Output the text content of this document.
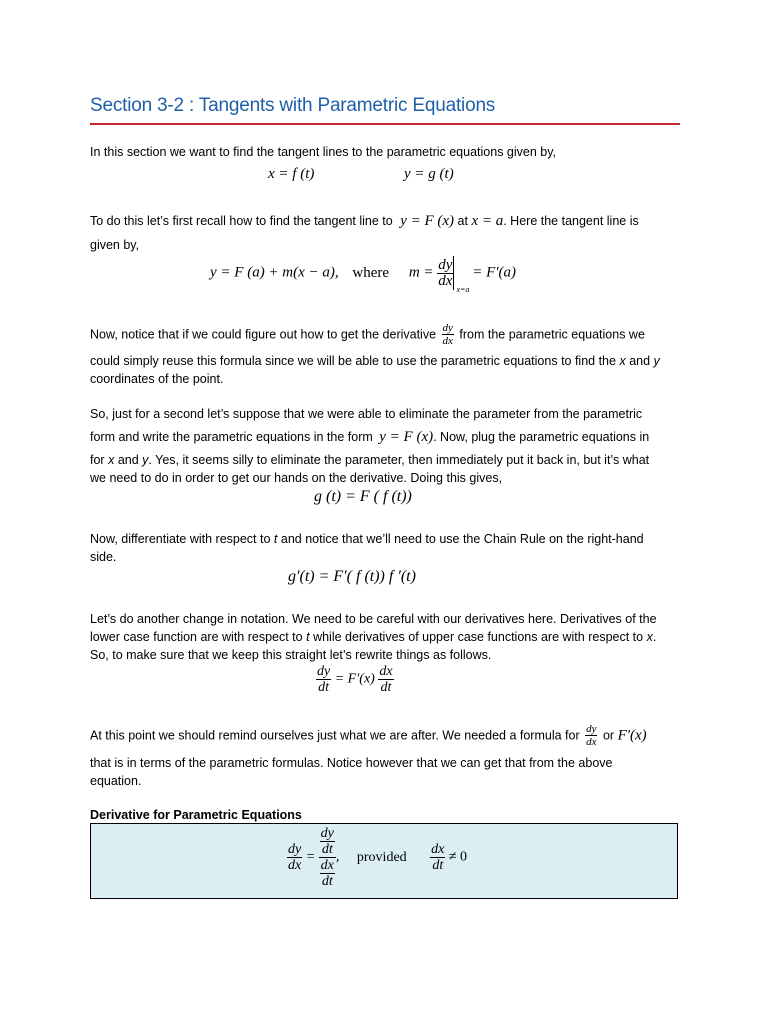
Section 3-2 : Tangents with Parametric Equations
In this section we want to find the tangent lines to the parametric equations given by,
x = f (t)	y = g (t)
To do this let’s first recall how to find the tangent line to y = F (x) at x = a. Here the tangent line is
given by,
y = F (a) + m(x − a), where $m = \frac{dy}{dx}$
x=a
= F′(a)
Now, notice that if we could figure out how to get the derivative $\frac{dy}{dx}$ from the parametric equations we
could simply reuse this formula since we will be able to use the parametric equations to find the x and y
coordinates of the point.
So, just for a second let’s suppose that we were able to eliminate the parameter from the parametric
form and write the parametric equations in the form y = F (x). Now, plug the parametric equations in
for x and y. Yes, it seems silly to eliminate the parameter, then immediately put it back in, but it’s what
we need to do in order to get our hands on the derivative. Doing this gives,
g (t) = F ( f (t))
Now, differentiate with respect to t and notice that we’ll need to use the Chain Rule on the right-hand
side.
g′(t) = F′( f (t)) f ′(t)
Let’s do another change in notation. We need to be careful with our derivatives here. Derivatives of the
lower case function are with respect to t while derivatives of upper case functions are with respect to x.
So, to make sure that we keep this straight let’s rewrite things as follows.
$\frac{dy}{dt} = F'(x) \frac{dx}{dt}$
At this point we should remind ourselves just what we are after. We needed a formula for $\frac{dy}{dx}$ or F′(x)
that is in terms of the parametric formulas. Notice however that we can get that from the above
equation.
Derivative for Parametric Equations
$\frac{dy}{dx} = \frac{\frac{dy}{dt}}{\frac{dx}{dt}}$ , provided $\frac{dx}{dt} \ne 0$
